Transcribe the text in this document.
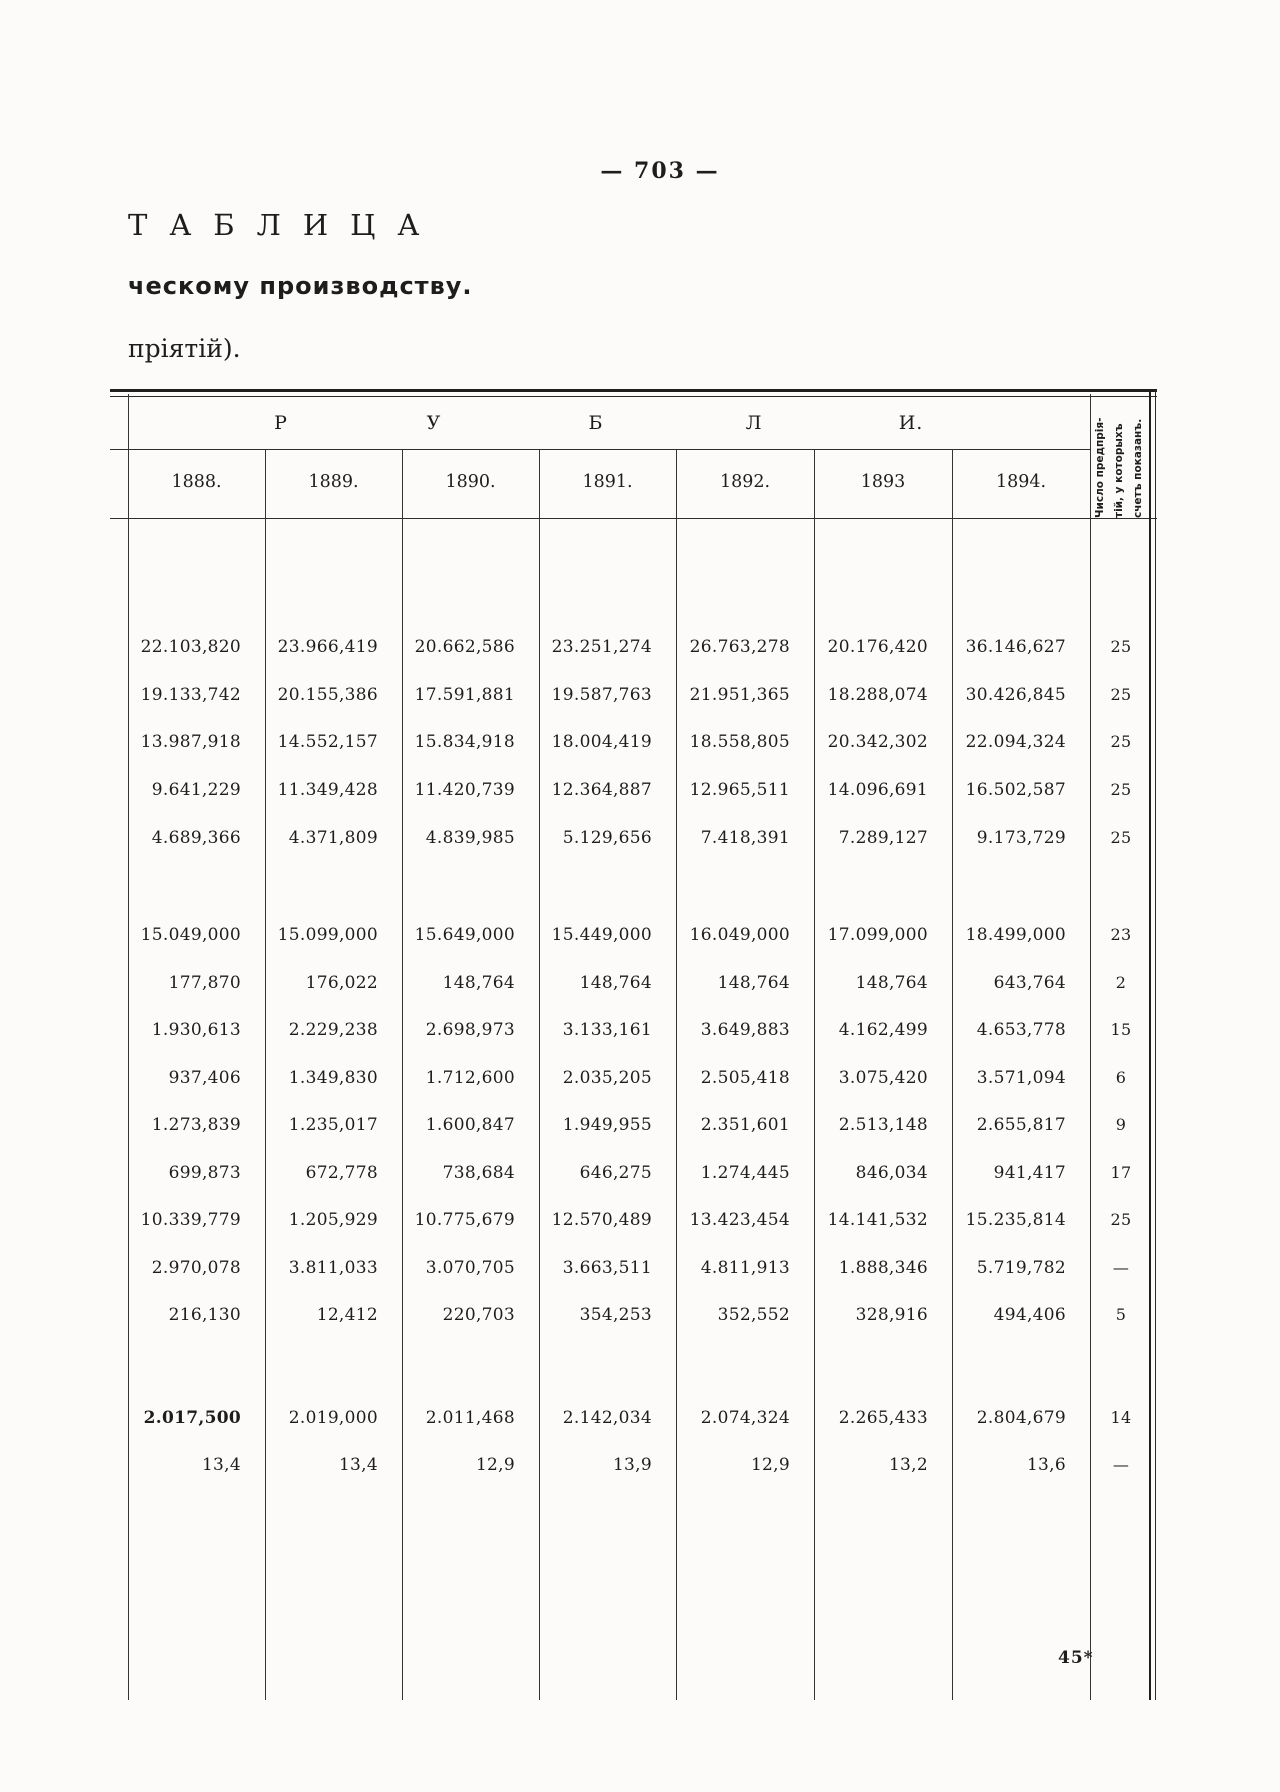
— 703 —
ТАБЛИЦА
ческому производству.
пріятій).
Р	У	Б	Л	И.
1888.	1889.	1890.	1891.	1892.	1893	1894.	Число предпрія- тій, у которыхъ счетъ показанъ.
22.103,820	23.966,419	20.662,586	23.251,274	26.763,278	20.176,420	36.146,627	25
19.133,742	20.155,386	17.591,881	19.587,763	21.951,365	18.288,074	30.426,845	25
13.987,918	14.552,157	15.834,918	18.004,419	18.558,805	20.342,302	22.094,324	25
9.641,229	11.349,428	11.420,739	12.364,887	12.965,511	14.096,691	16.502,587	25
4.689,366	4.371,809	4.839,985	5.129,656	7.418,391	7.289,127	9.173,729	25
15.049,000	15.099,000	15.649,000	15.449,000	16.049,000	17.099,000	18.499,000	23
177,870	176,022	148,764	148,764	148,764	148,764	643,764	2
1.930,613	2.229,238	2.698,973	3.133,161	3.649,883	4.162,499	4.653,778	15
937,406	1.349,830	1.712,600	2.035,205	2.505,418	3.075,420	3.571,094	6
1.273,839	1.235,017	1.600,847	1.949,955	2.351,601	2.513,148	2.655,817	9
699,873	672,778	738,684	646,275	1.274,445	846,034	941,417	17
10.339,779	1.205,929	10.775,679	12.570,489	13.423,454	14.141,532	15.235,814	25
2.970,078	3.811,033	3.070,705	3.663,511	4.811,913	1.888,346	5.719,782	—
216,130	12,412	220,703	354,253	352,552	328,916	494,406	5
2.017,500	2.019,000	2.011,468	2.142,034	2.074,324	2.265,433	2.804,679	14
13,4	13,4	12,9	13,9	12,9	13,2	13,6	—
45*
